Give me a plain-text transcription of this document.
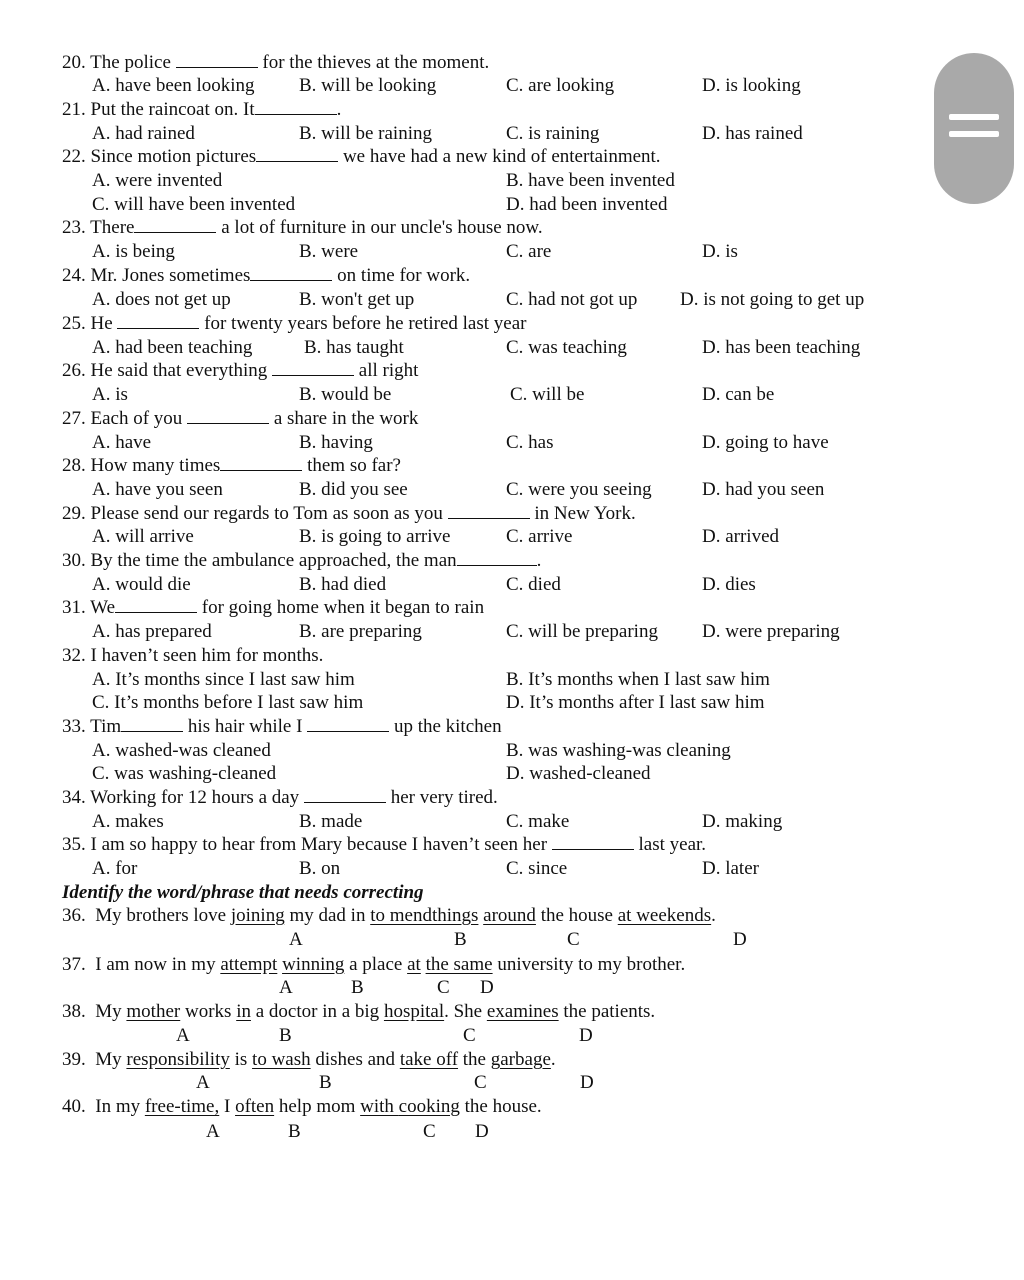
20. The police	for the thieves at the moment.
A. have been looking B. will be looking	C. are looking	D. is looking
21. Put the raincoat on. It	.
A. had rained	B. will be raining	C. is raining	D. has rained
22. Since motion pictures	we have had a new kind of entertainment.
A. were invented	B. have been invented
C. will have been invented	D. had been invented
23. There	a lot of furniture in our uncle's house now.
A. is being	B. were	C. are	D. is
24. Mr. Jones sometimes	on time for work.
A. does not get up	B. won't get up	C. had not got up D. is not going to get up
25. He	for twenty years before he retired last year
A. had been teaching	B. has taught	C. was teaching	D. has been teaching
26. He said that everything	all right
A. is	B. would be	C. will be	D. can be
27. Each of you	a share in the work
A. have	B. having	C. has	D. going to have
28. How many times	them so far?
A. have you seen	B. did you see	C. were you seeing	D. had you seen
29. Please send our regards to Tom as soon as you	in New York.
A. will arrive	B. is going to arrive	C. arrive	D. arrived
30. By the time the ambulance approached, the man	.
A. would die	B. had died	C. died	D. dies
31. We	for going home when it began to rain
A. has prepared	B. are preparing	C. will be preparing D. were preparing
32. I haven’t seen him for months.
A. It’s months since I last saw him	B. It’s months when I last saw him
C. It’s months before I last saw him	D. It’s months after I last saw him
33. Tim	his hair while I	up the kitchen
A. washed-was cleaned	B. was washing-was cleaning
C. was washing-cleaned	D. washed-cleaned
34. Working for 12 hours a day	her very tired.
A. makes	B. made	C. make	D. making
35. I am so happy to hear from Mary because I haven’t seen her	last year.
A. for	B. on	C. since	D. later
Identify the word/phrase that needs correcting
36. My brothers love joining my dad in to mendthings around the house at weekends.
A	B	C	D
37. I am now in my attempt winning a place at the same university to my brother.
A	B	C D
38. My mother works in a doctor in a big hospital. She examines the patients.
A	B	C	D
39. My responsibility is to wash dishes and take off the garbage.
A	B	C	D
40. In my free-time, I often help mom with cooking the house.
A	B	C D
